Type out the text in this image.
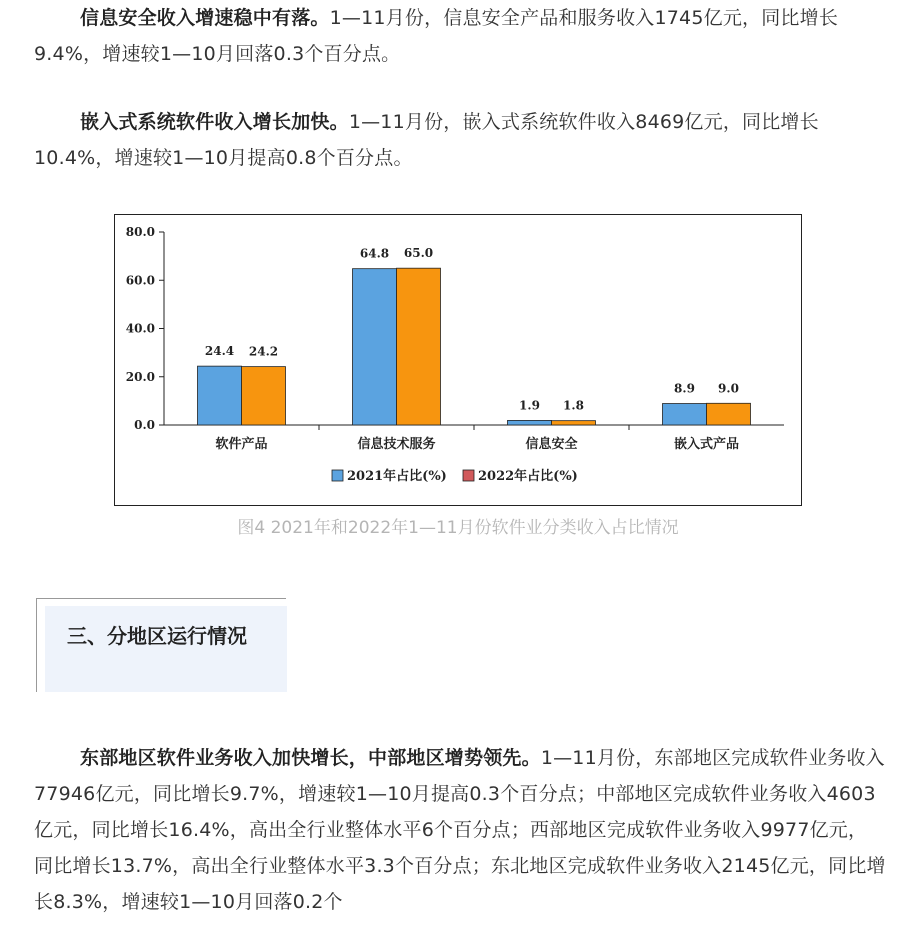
信息安全收入增速稳中有落。1—11月份，信息安全产品和服务收入1745亿元，同比增长9.4%，增速较1—10月回落0.3个百分点。

嵌入式系统软件收入增长加快。1—11月份，嵌入式系统软件收入8469亿元，同比增长10.4%，增速较1—10月提高0.8个百分点。

0.0
20.0
40.0
60.0
80.0
软件产品
24.4 24.2
信息技术服务
64.8 65.0
信息安全
1.9 1.8
嵌入式产品
8.9 9.0
2021年占比(%) 2022年占比(%)
图4 2021年和2022年1—11月份软件业分类收入占比情况
三、分地区运行情况

东部地区软件业务收入加快增长，中部地区增势领先。1—11月份，东部地区完成软件业务收入77946亿元，同比增长9.7%，增速较1—10月提高0.3个百分点；中部地区完成软件业务收入4603亿元，同比增长16.4%，高出全行业整体水平6个百分点；西部地区完成软件业务收入9977亿元，同比增长13.7%，高出全行业整体水平3.3个百分点；东北地区完成软件业务收入2145亿元，同比增长8.3%，增速较1—10月回落0.2个
